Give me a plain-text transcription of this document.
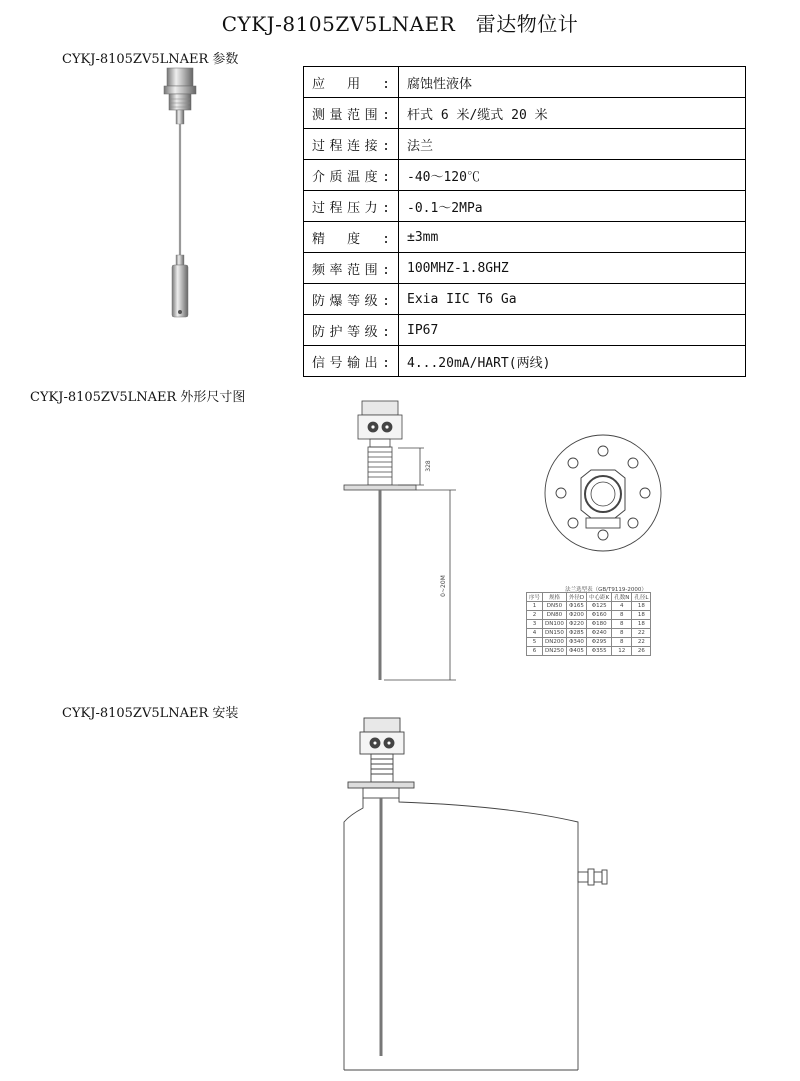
CYKJ-8105ZV5LNAER　雷达物位计
CYKJ-8105ZV5LNAER 参数
CYKJ-8105ZV5LNAER 外形尺寸图
CYKJ-8105ZV5LNAER 安装
应用:	腐蚀性液体
测量范围:	杆式 6 米/缆式 20 米
过程连接:	法兰
介质温度:	-40～120℃
过程压力:	-0.1～2MPa
精度:	±3mm
频率范围:	100MHZ-1.8GHZ
防爆等级:	Exia IIC T6 Ga
防护等级:	IP67
信号输出:	4...20mA/HART(两线)
328
0~20M	法兰选型表（GB/T9119-2000）
序号	规格	外径D	中心距K	孔数N	孔径L
1	DN50	Φ165	Φ125	4	18
2	DN80	Φ200	Φ160	8	18
3	DN100	Φ220	Φ180	8	18
4	DN150	Φ285	Φ240	8	22
5	DN200	Φ340	Φ295	8	22
6	DN250	Φ405	Φ355	12	26
